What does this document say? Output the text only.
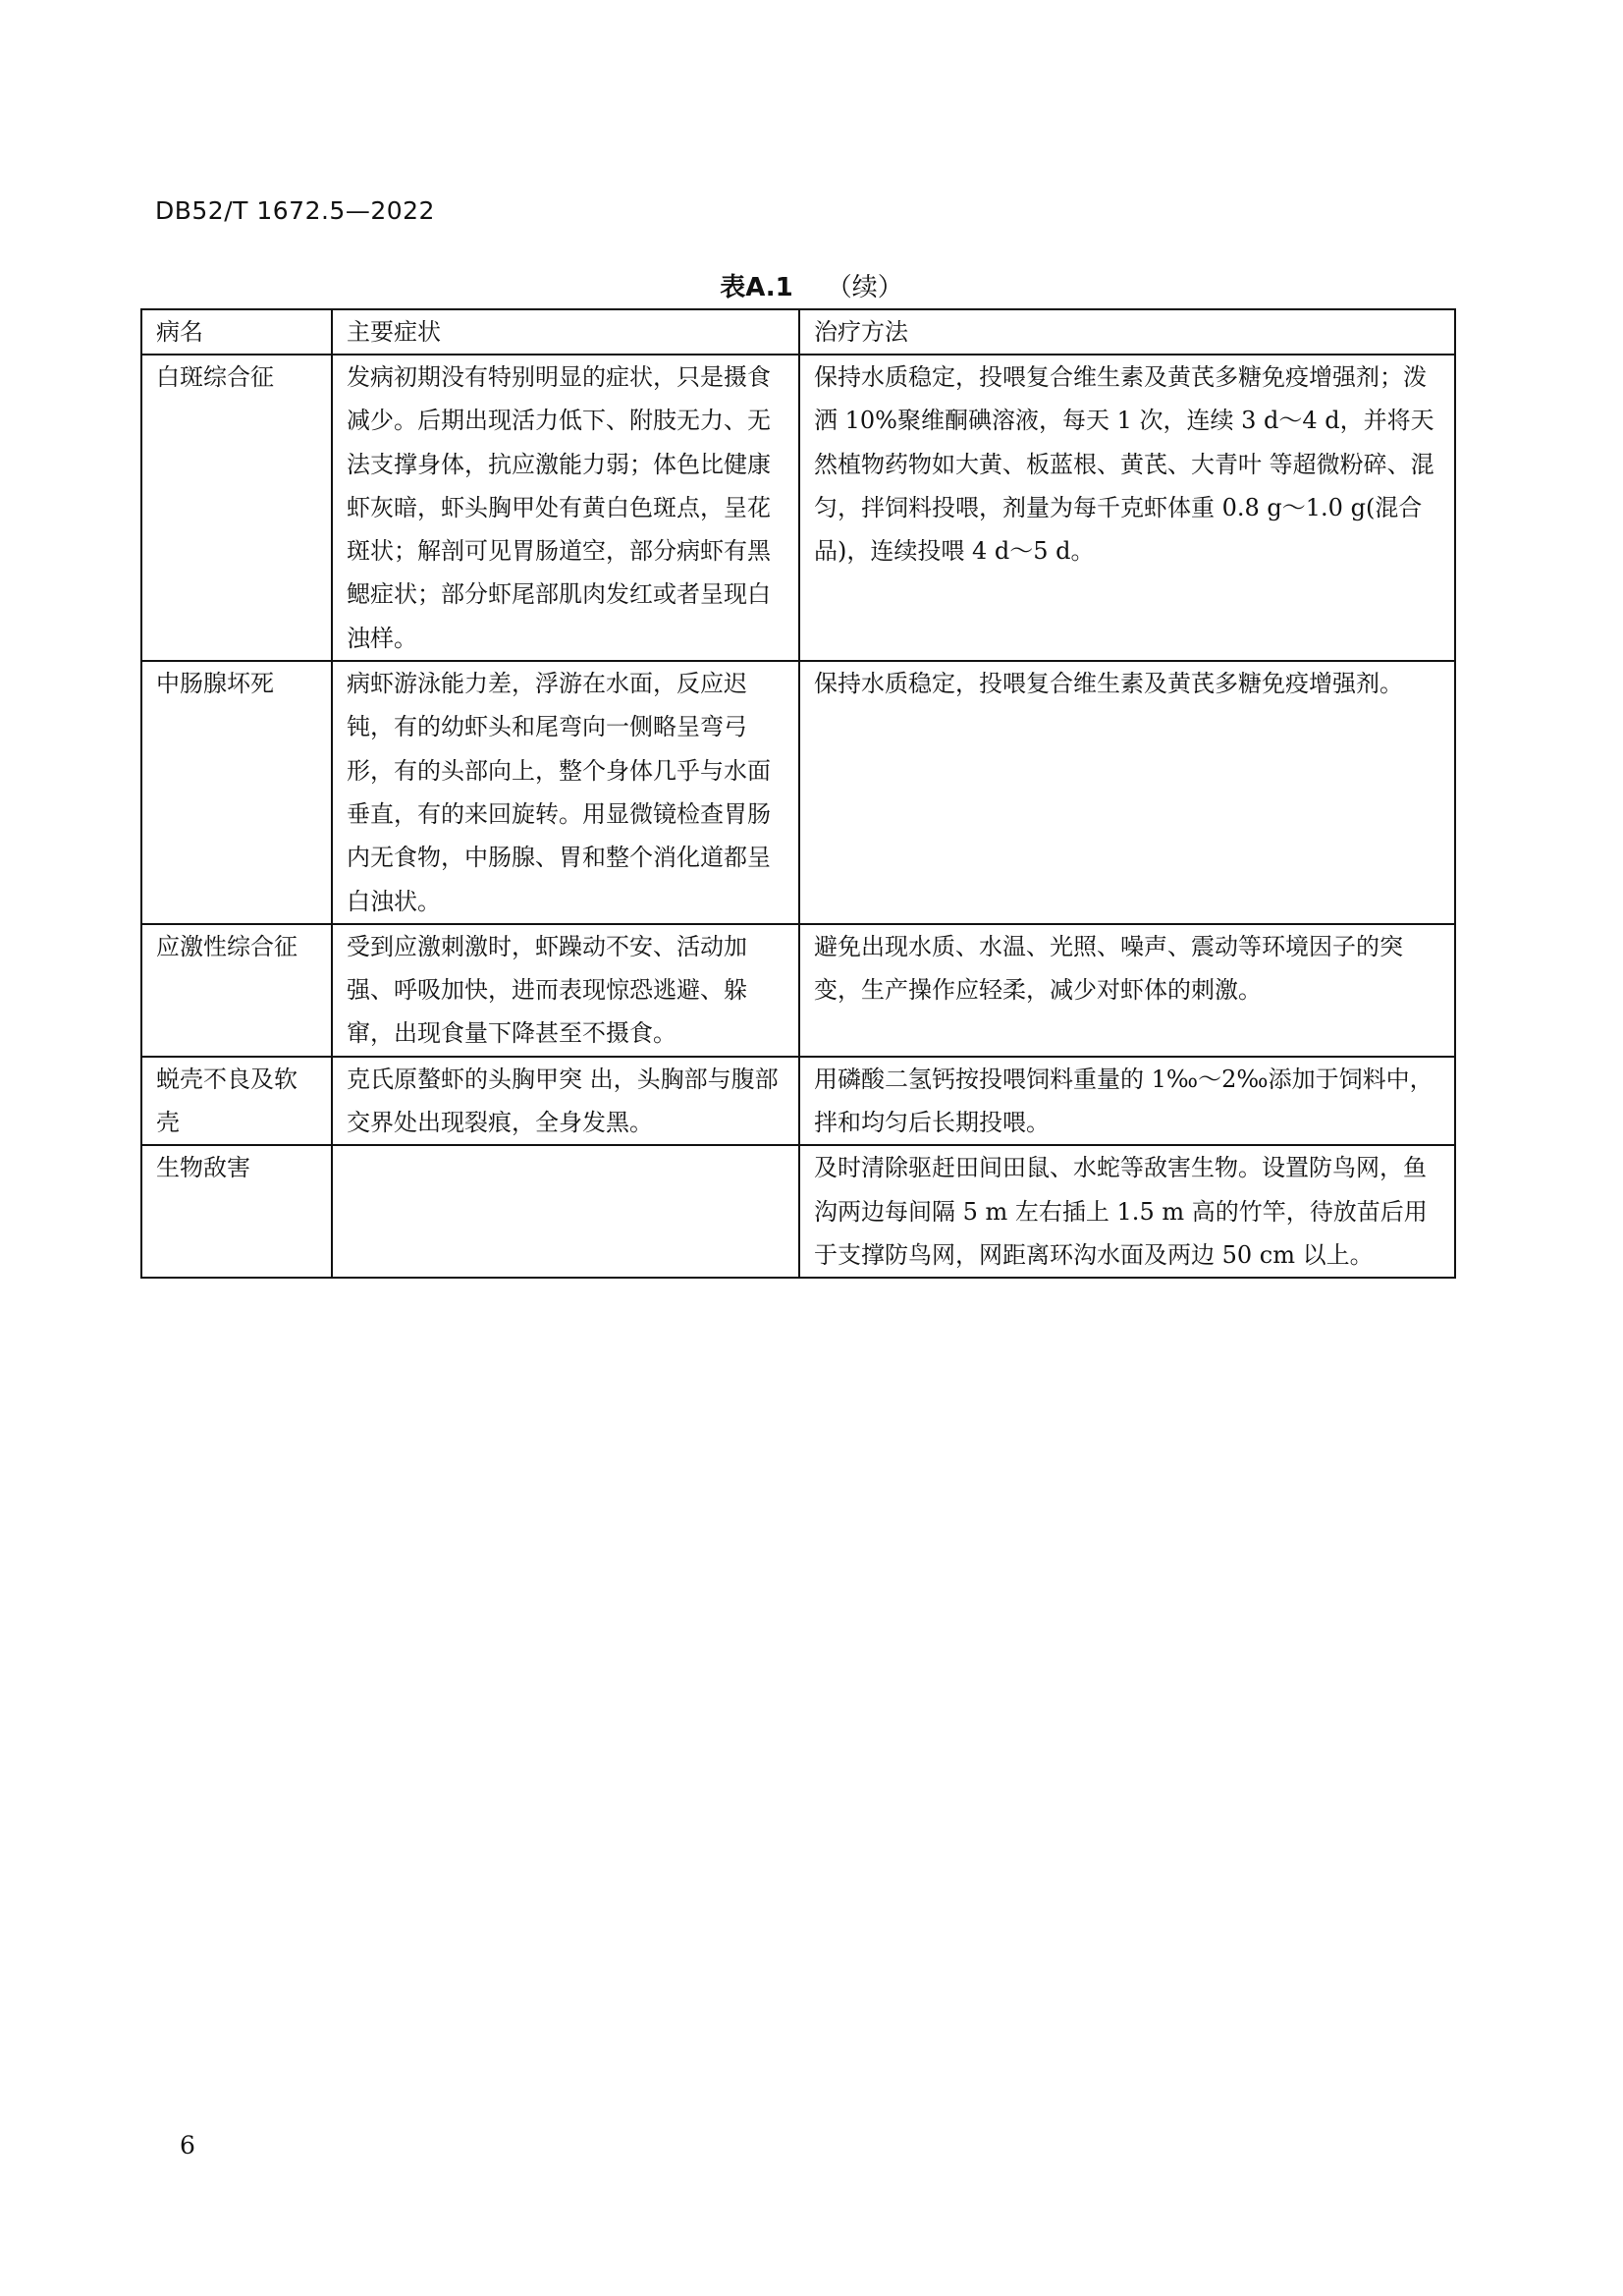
DB52/T 1672.5—2022
表A.1 （续）
病名	主要症状	治疗方法
白斑综合征	发病初期没有特别明显的症状，只是摄食减少。后期出现活力低下、附肢无力、无法支撑身体，抗应激能力弱；体色比健康虾灰暗，虾头胸甲处有黄白色斑点，呈花斑状；解剖可见胃肠道空，部分病虾有黑鳃症状；部分虾尾部肌肉发红或者呈现白浊样。	保持水质稳定，投喂复合维生素及黄芪多糖免疫增强剂；泼洒 10%聚维酮碘溶液，每天 1 次，连续 3 d～4 d，并将天然植物药物如大黄、板蓝根、黄芪、大青叶 等超微粉碎、混匀，拌饲料投喂，剂量为每千克虾体重 0.8 g～1.0 g(混合品)，连续投喂 4 d～5 d。
中肠腺坏死	病虾游泳能力差，浮游在水面，反应迟钝，有的幼虾头和尾弯向一侧略呈弯弓形，有的头部向上，整个身体几乎与水面垂直，有的来回旋转。用显微镜检查胃肠内无食物，中肠腺、胃和整个消化道都呈白浊状。	保持水质稳定，投喂复合维生素及黄芪多糖免疫增强剂。
应激性综合征	受到应激刺激时，虾躁动不安、活动加强、呼吸加快，进而表现惊恐逃避、躲窜，出现食量下降甚至不摄食。	避免出现水质、水温、光照、噪声、震动等环境因子的突变，生产操作应轻柔，减少对虾体的刺激。
蜕壳不良及软壳	克氏原螯虾的头胸甲突 出，头胸部与腹部交界处出现裂痕，全身发黑。	用磷酸二氢钙按投喂饲料重量的 1‰～2‰添加于饲料中，拌和均匀后长期投喂。
生物敌害		及时清除驱赶田间田鼠、水蛇等敌害生物。设置防鸟网，鱼沟两边每间隔 5 m 左右插上 1.5 m 高的竹竿，待放苗后用于支撑防鸟网，网距离环沟水面及两边 50 cm 以上。
6
